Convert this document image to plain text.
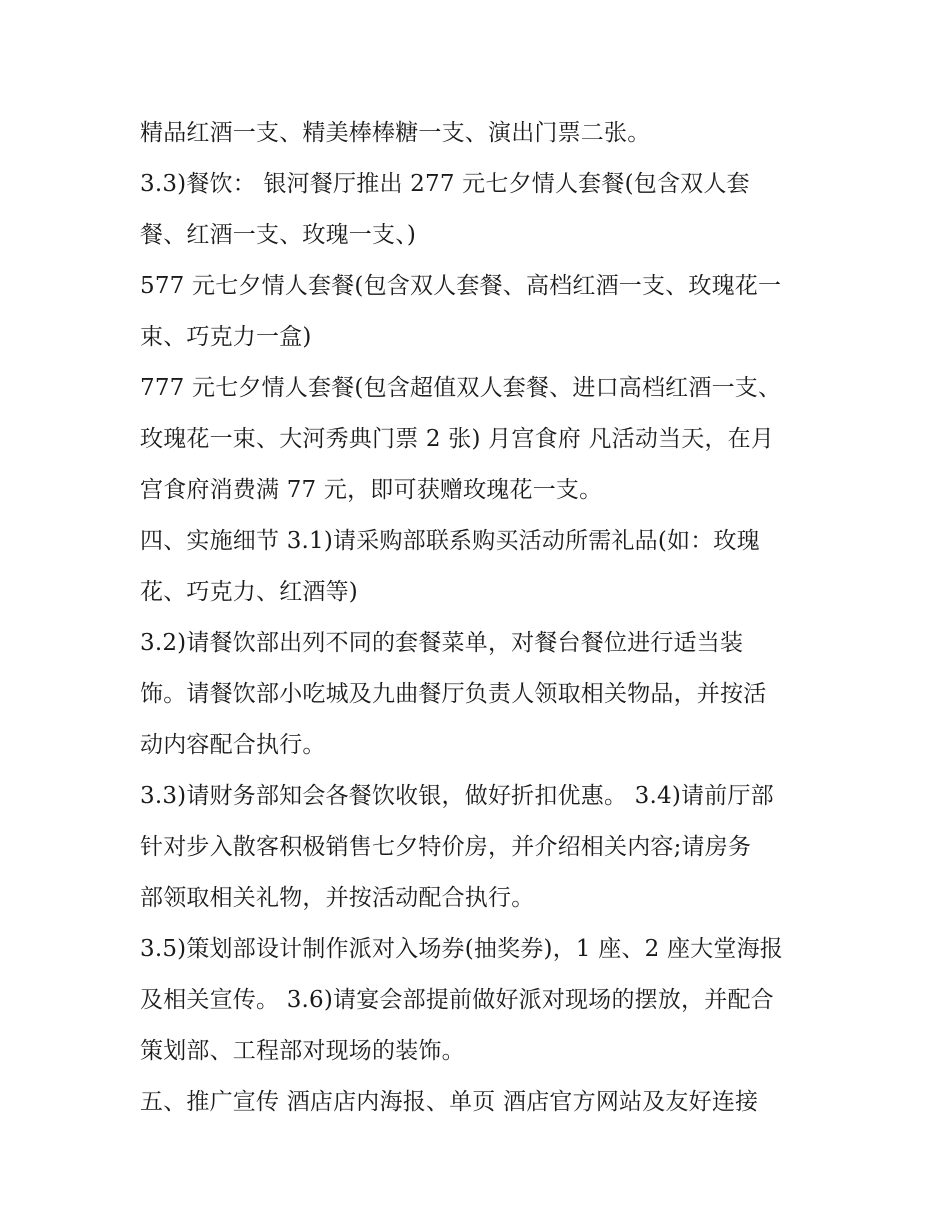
精品红酒一支、精美棒棒糖一支、演出门票二张。
3.3)餐饮： 银河餐厅推出 277 元七夕情人套餐(包含双人套
餐、红酒一支、玫瑰一支、)
577 元七夕情人套餐(包含双人套餐、高档红酒一支、玫瑰花一
束、巧克力一盒)
777 元七夕情人套餐(包含超值双人套餐、进口高档红酒一支、
玫瑰花一束、大河秀典门票 2 张) 月宫食府 凡活动当天，在月
宫食府消费满 77 元，即可获赠玫瑰花一支。
四、实施细节 3.1)请采购部联系购买活动所需礼品(如：玫瑰
花、巧克力、红酒等)
3.2)请餐饮部出列不同的套餐菜单，对餐台餐位进行适当装
饰。请餐饮部小吃城及九曲餐厅负责人领取相关物品，并按活
动内容配合执行。
3.3)请财务部知会各餐饮收银，做好折扣优惠。 3.4)请前厅部
针对步入散客积极销售七夕特价房，并介绍相关内容;请房务
部领取相关礼物，并按活动配合执行。
3.5)策划部设计制作派对入场券(抽奖券)，1 座、2 座大堂海报
及相关宣传。 3.6)请宴会部提前做好派对现场的摆放，并配合
策划部、工程部对现场的装饰。
五、推广宣传 酒店店内海报、单页 酒店官方网站及友好连接
